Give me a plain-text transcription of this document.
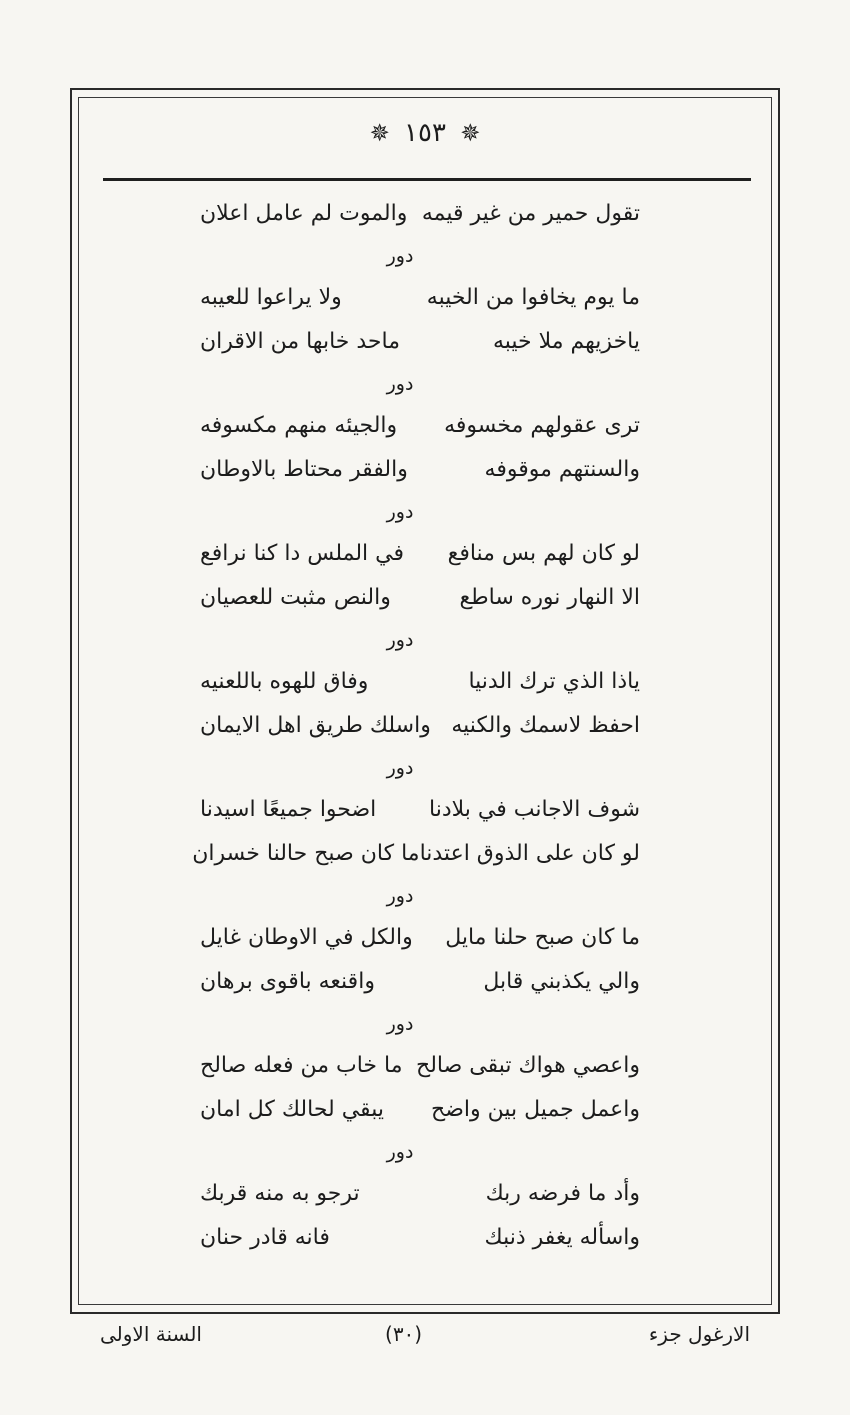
✵ ١٥٣ ✵
تقول حمير من غير قيمه
والموت لم عامل اعلان
دور
ما يوم يخافوا من الخيبه
ولا يراعوا للعيبه
ياخزيهم ملا خيبه
ماحد خابها من الاقران
دور
ترى عقولهم مخسوفه
والجيئه منهم مكسوفه
والسنتهم موقوفه
والفقر محتاط بالاوطان
دور
لو كان لهم بس منافع
في الملس دا كنا نرافع
الا النهار نوره ساطع
والنص مثبت للعصيان
دور
ياذا الذي ترك الدنيا
وفاق للهوه باللعنيه
احفظ لاسمك والكنيه
واسلك طريق اهل الايمان
دور
شوف الاجانب في بلادنا
اضحوا جميعًا اسيدنا
لو كان على الذوق اعتدنا
ما كان صبح حالنا خسران
دور
ما كان صبح حلنا مايل
والكل في الاوطان غايل
والي يكذبني قابل
واقنعه باقوى برهان
دور
واعصي هواك تبقى صالح
ما خاب من فعله صالح
واعمل جميل بين واضح
يبقي لحالك كل امان
دور
وأد ما فرضه ربك
ترجو به منه قربك
واسأله يغفر ذنبك
فانه قادر حنان
الارغول جزء
(٣٠)
السنة الاولى
